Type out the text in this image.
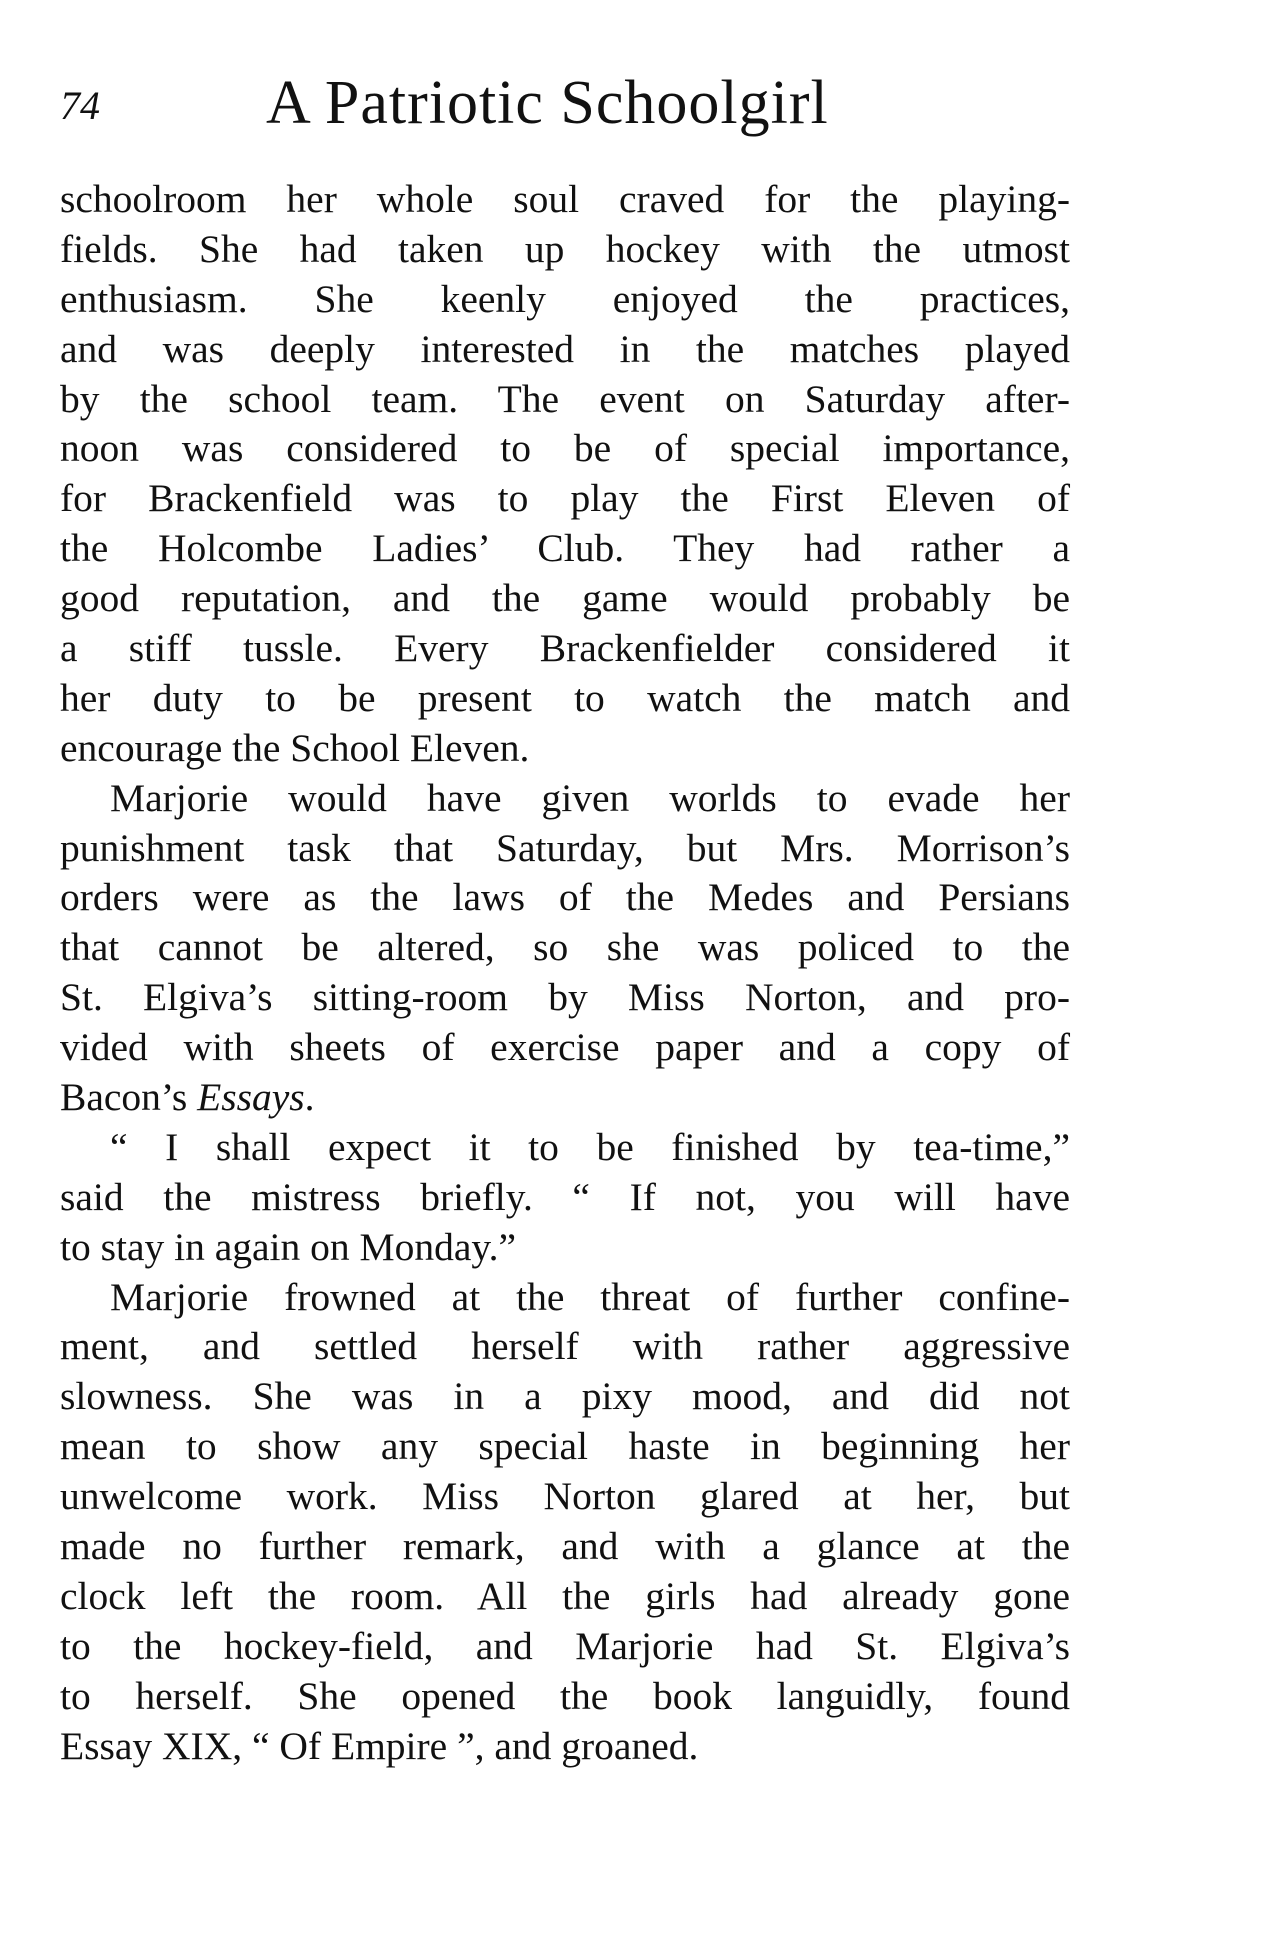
74	A Patriotic Schoolgirl
schoolroom her whole soul craved for the playing-
fields. She had taken up hockey with the utmost
enthusiasm. She keenly enjoyed the practices,
and was deeply interested in the matches played
by the school team. The event on Saturday after-
noon was considered to be of special importance,
for Brackenfield was to play the First Eleven of
the Holcombe Ladies’ Club. They had rather a
good reputation, and the game would probably be
a stiff tussle. Every Brackenfielder considered it
her duty to be present to watch the match and
encourage the School Eleven.
Marjorie would have given worlds to evade her
punishment task that Saturday, but Mrs. Morrison’s
orders were as the laws of the Medes and Persians
that cannot be altered, so she was policed to the
St. Elgiva’s sitting-room by Miss Norton, and pro-
vided with sheets of exercise paper and a copy of
Bacon’s Essays.
“ I shall expect it to be finished by tea-time,”
said the mistress briefly. “ If not, you will have
to stay in again on Monday.”
Marjorie frowned at the threat of further confine-
ment, and settled herself with rather aggressive
slowness. She was in a pixy mood, and did not
mean to show any special haste in beginning her
unwelcome work. Miss Norton glared at her, but
made no further remark, and with a glance at the
clock left the room. All the girls had already gone
to the hockey-field, and Marjorie had St. Elgiva’s
to herself. She opened the book languidly, found
Essay XIX, “ Of Empire ”, and groaned.
